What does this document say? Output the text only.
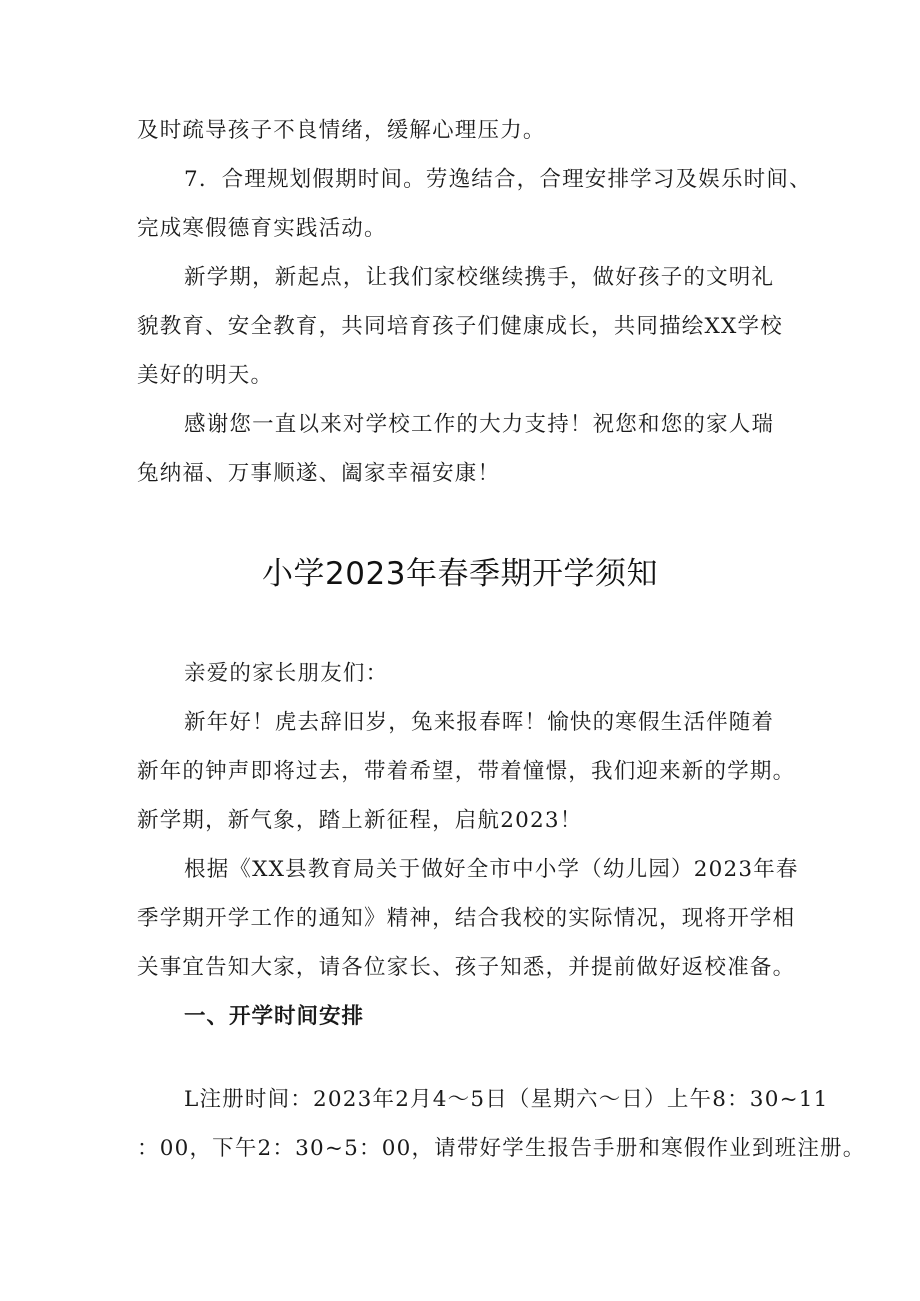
及时疏导孩子不良情绪，缓解心理压力。
7．合理规划假期时间。劳逸结合，合理安排学习及娱乐时间、
完成寒假德育实践活动。
新学期，新起点，让我们家校继续携手，做好孩子的文明礼
貌教育、安全教育，共同培育孩子们健康成长，共同描绘XX学校
美好的明天。
感谢您一直以来对学校工作的大力支持！祝您和您的家人瑞
兔纳福、万事顺遂、阖家幸福安康！
小学2023年春季期开学须知
亲爱的家长朋友们：
新年好！虎去辞旧岁，兔来报春晖！愉快的寒假生活伴随着
新年的钟声即将过去，带着希望，带着憧憬，我们迎来新的学期。
新学期，新气象，踏上新征程，启航2023！
根据《XX县教育局关于做好全市中小学（幼儿园）2023年春
季学期开学工作的通知》精神，结合我校的实际情况，现将开学相
关事宜告知大家，请各位家长、孩子知悉，并提前做好返校准备。
一、开学时间安排
L注册时间：2023年2月4～5日（星期六～日）上午8：30~11
：00，下午2：30~5：00，请带好学生报告手册和寒假作业到班注册。
